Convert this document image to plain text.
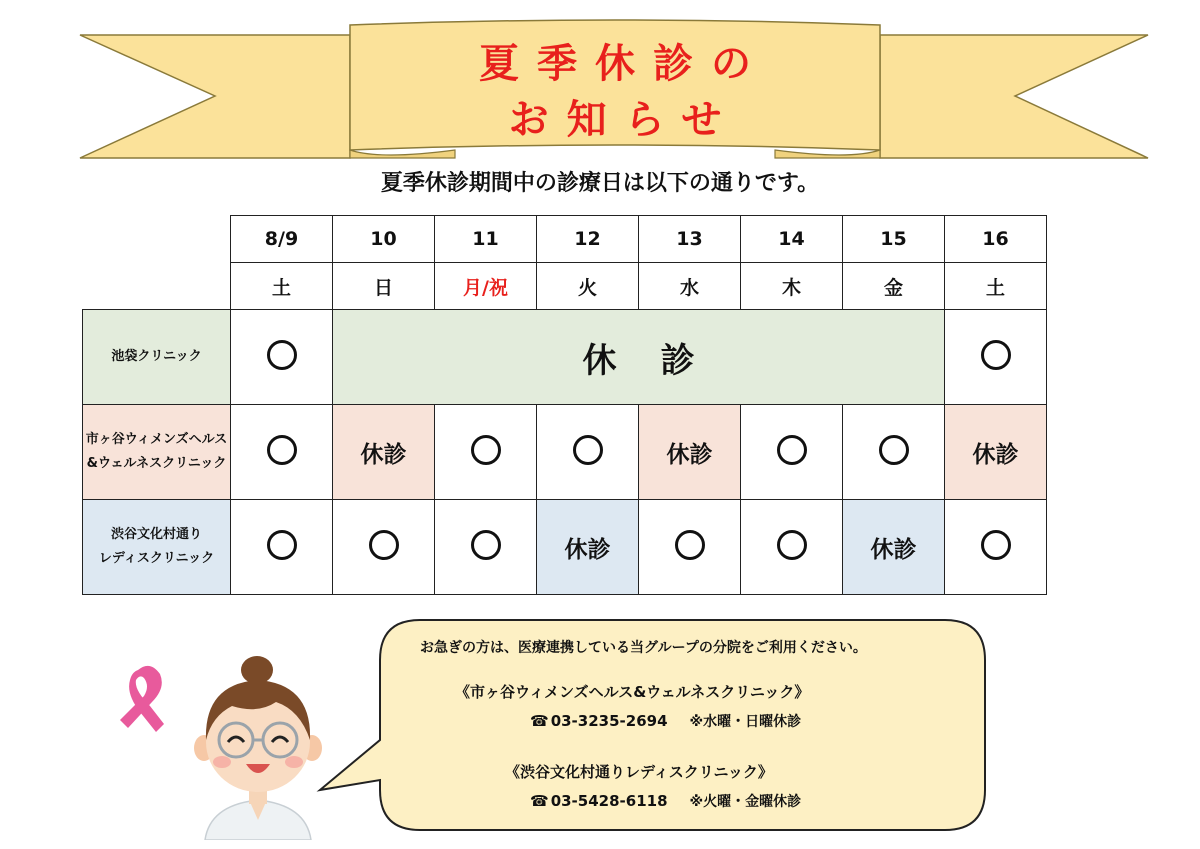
夏季休診の
お知らせ
夏季休診期間中の診療日は以下の通りです。
	8/9	10	11	12	13	14	15	16
	土	日	月/祝	火	水	木	金	土
池袋クリニック		休診						

市ヶ谷ウィメンズヘルス
&ウェルネスクリニック		休診			休診			休診

渋谷文化村通り
レディスクリニック				休診			休診	
お急ぎの方は、医療連携している当グループの分院をご利用ください。
《市ヶ谷ウィメンズヘルス&ウェルネスクリニック》
☎ 03-3235-2694 ※水曜・日曜休診
《渋谷文化村通りレディスクリニック》
☎ 03-5428-6118 ※火曜・金曜休診
